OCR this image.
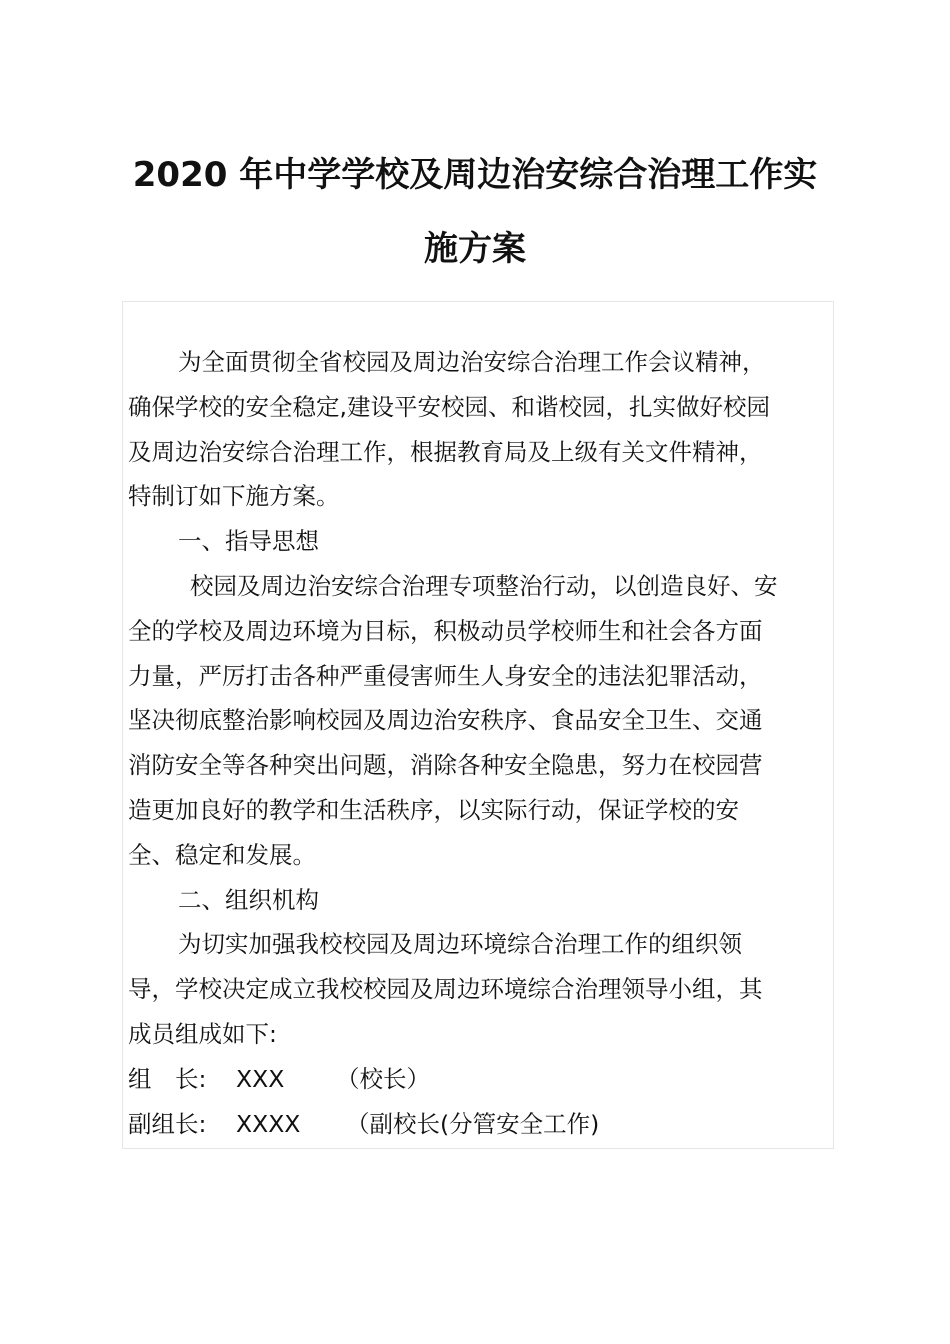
2020 年中学学校及周边治安综合治理工作实
施方案
为全面贯彻全省校园及周边治安综合治理工作会议精神，
确保学校的安全稳定,建设平安校园、和谐校园，扎实做好校园
及周边治安综合治理工作，根据教育局及上级有关文件精神，
特制订如下施方案。
一、指导思想
校园及周边治安综合治理专项整治行动，以创造良好、安
全的学校及周边环境为目标，积极动员学校师生和社会各方面
力量，严厉打击各种严重侵害师生人身安全的违法犯罪活动，
坚决彻底整治影响校园及周边治安秩序、食品安全卫生、交通
消防安全等各种突出问题，消除各种安全隐患，努力在校园营
造更加良好的教学和生活秩序，以实际行动，保证学校的安
全、稳定和发展。
二、组织机构
为切实加强我校校园及周边环境综合治理工作的组织领
导，学校决定成立我校校园及周边环境综合治理领导小组，其
成员组成如下:
组　长: XXX （校长）
副组长: XXXX （副校长(分管安全工作)
